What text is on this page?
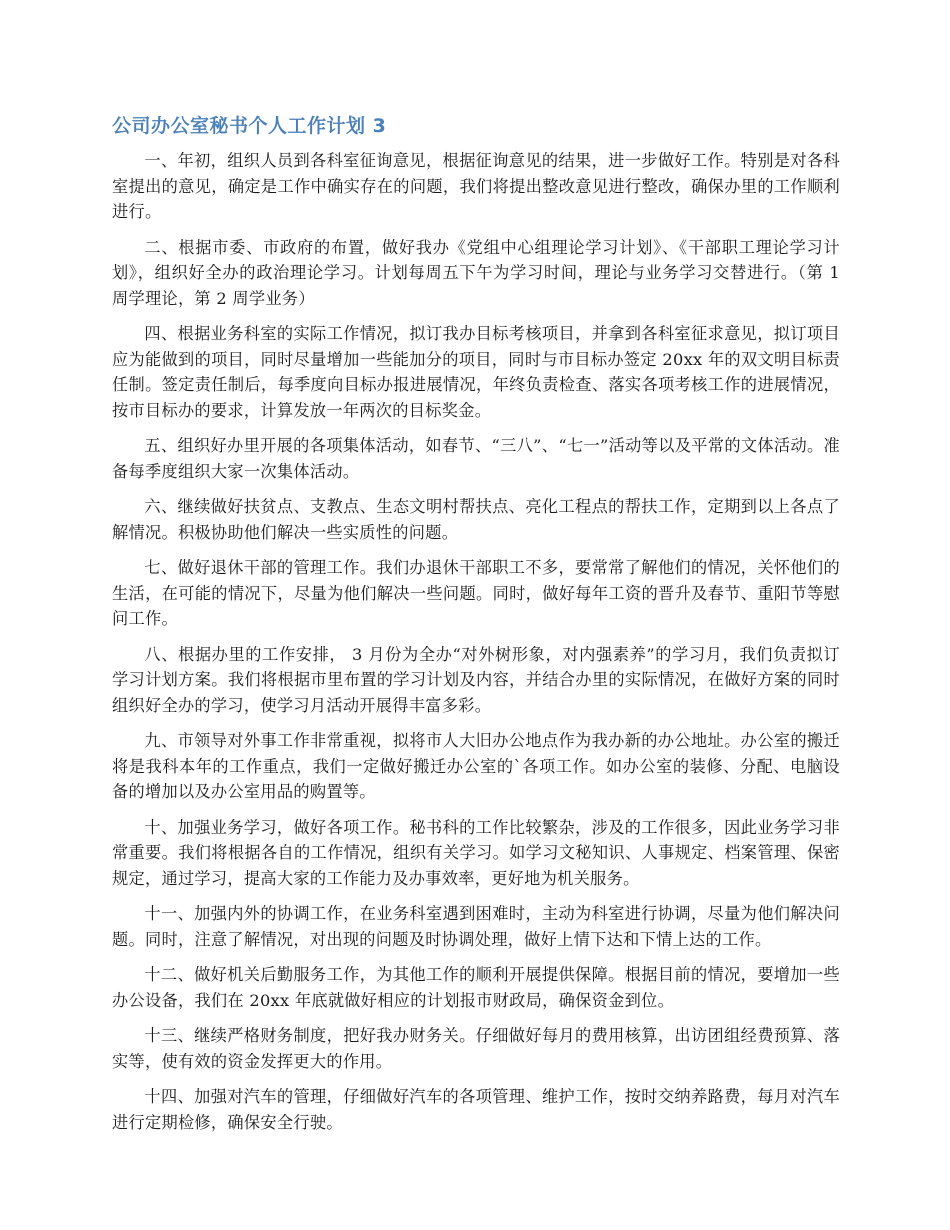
公司办公室秘书个人工作计划 3

一、年初，组织人员到各科室征询意见，根据征询意见的结果，进一步做好工作。特别是对各科室提出的意见，确定是工作中确实存在的问题，我们将提出整改意见进行整改，确保办里的工作顺利进行。

二、根据市委、市政府的布置，做好我办《党组中心组理论学习计划》、《干部职工理论学习计划》，组织好全办的政治理论学习。计划每周五下午为学习时间，理论与业务学习交替进行。（第 1 周学理论，第 2 周学业务）

四、根据业务科室的实际工作情况，拟订我办目标考核项目，并拿到各科室征求意见，拟订项目应为能做到的项目，同时尽量增加一些能加分的项目，同时与市目标办签定 20xx 年的双文明目标责任制。签定责任制后，每季度向目标办报进展情况，年终负责检查、落实各项考核工作的进展情况，按市目标办的要求，计算发放一年两次的目标奖金。

五、组织好办里开展的各项集体活动，如春节、“三八”、“七一”活动等以及平常的文体活动。准备每季度组织大家一次集体活动。

六、继续做好扶贫点、支教点、生态文明村帮扶点、亮化工程点的帮扶工作，定期到以上各点了解情况。积极协助他们解决一些实质性的问题。

七、做好退休干部的管理工作。我们办退休干部职工不多，要常常了解他们的情况，关怀他们的生活，在可能的情况下，尽量为他们解决一些问题。同时，做好每年工资的晋升及春节、重阳节等慰问工作。

八、根据办里的工作安排， 3 月份为全办“对外树形象，对内强素养”的学习月，我们负责拟订学习计划方案。我们将根据市里布置的学习计划及内容，并结合办里的实际情况，在做好方案的同时组织好全办的学习，使学习月活动开展得丰富多彩。

九、市领导对外事工作非常重视，拟将市人大旧办公地点作为我办新的办公地址。办公室的搬迁将是我科本年的工作重点，我们一定做好搬迁办公室的`各项工作。如办公室的装修、分配、电脑设备的增加以及办公室用品的购置等。

十、加强业务学习，做好各项工作。秘书科的工作比较繁杂，涉及的工作很多，因此业务学习非常重要。我们将根据各自的工作情况，组织有关学习。如学习文秘知识、人事规定、档案管理、保密规定，通过学习，提高大家的工作能力及办事效率，更好地为机关服务。

十一、加强内外的协调工作，在业务科室遇到困难时，主动为科室进行协调，尽量为他们解决问题。同时，注意了解情况，对出现的问题及时协调处理，做好上情下达和下情上达的工作。

十二、做好机关后勤服务工作，为其他工作的顺利开展提供保障。根据目前的情况，要增加一些办公设备，我们在 20xx 年底就做好相应的计划报市财政局，确保资金到位。

十三、继续严格财务制度，把好我办财务关。仔细做好每月的费用核算，出访团组经费预算、落实等，使有效的资金发挥更大的作用。

十四、加强对汽车的管理，仔细做好汽车的各项管理、维护工作，按时交纳养路费，每月对汽车进行定期检修，确保安全行驶。
